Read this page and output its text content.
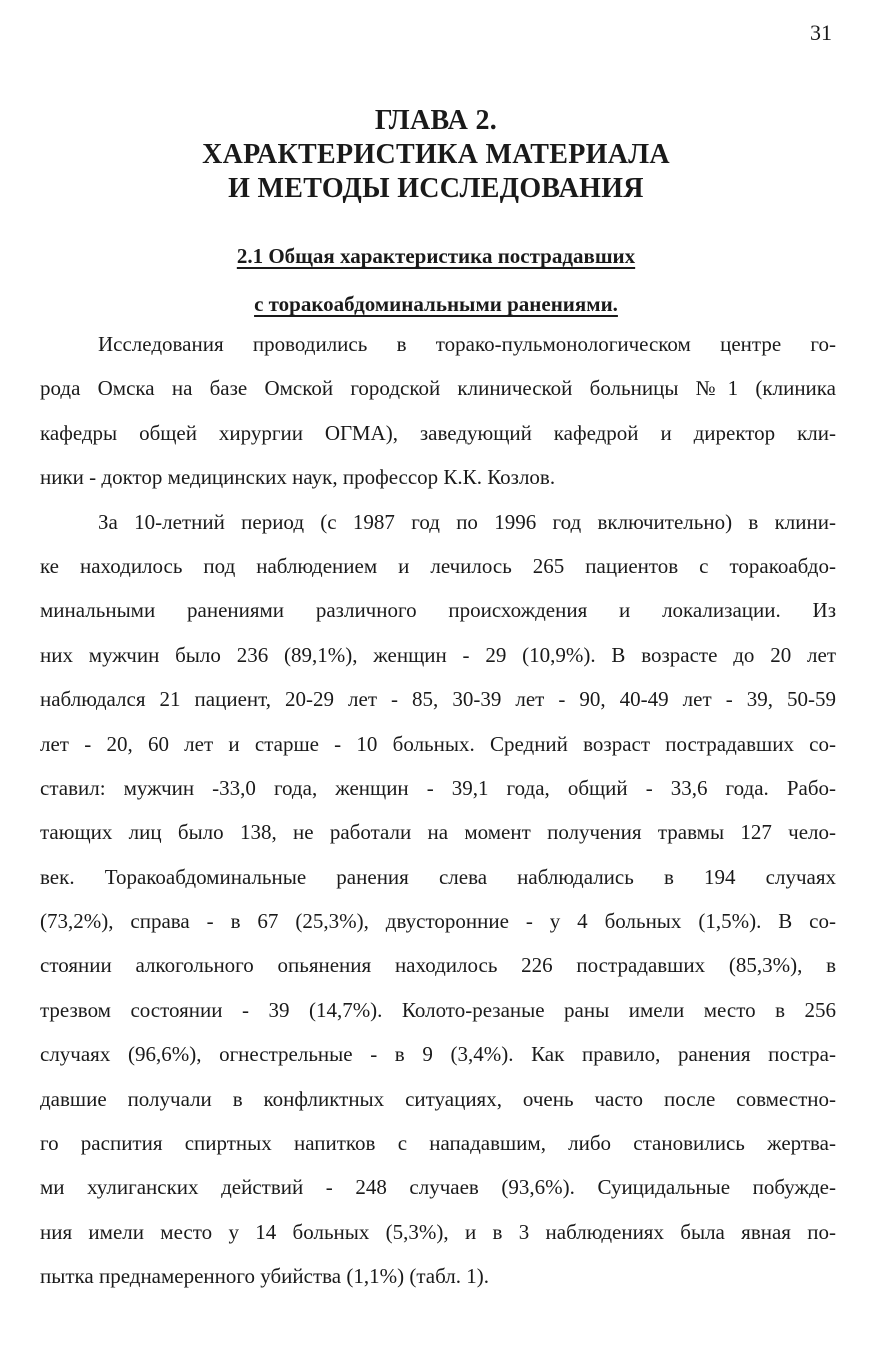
31
ГЛАВА 2.
ХАРАКТЕРИСТИКА МАТЕРИАЛА
И МЕТОДЫ ИССЛЕДОВАНИЯ
2.1 Общая характеристика пострадавших
с торакоабдоминальными ранениями.
Исследования проводились в торако-пульмонологическом центре го-
рода Омска на базе Омской городской клинической больницы №1 (клиника
кафедры общей хирургии ОГМА), заведующий кафедрой и директор кли-
ники - доктор медицинских наук, профессор К.К. Козлов.
За 10-летний период (с 1987 год по 1996 год включительно) в клини-
ке находилось под наблюдением и лечилось 265 пациентов с торакоабдо-
минальными ранениями различного происхождения и локализации. Из
них мужчин было 236 (89,1%), женщин - 29 (10,9%). В возрасте до 20 лет
наблюдался 21 пациент, 20-29 лет - 85, 30-39 лет - 90, 40-49 лет - 39, 50-59
лет - 20, 60 лет и старше - 10 больных. Средний возраст пострадавших со-
ставил: мужчин -33,0 года, женщин - 39,1 года, общий - 33,6 года. Рабо-
тающих лиц было 138, не работали на момент получения травмы 127 чело-
век. Торакоабдоминальные ранения слева наблюдались в 194 случаях
(73,2%), справа - в 67 (25,3%), двусторонние - у 4 больных (1,5%). В со-
стоянии алкогольного опьянения находилось 226 пострадавших (85,3%), в
трезвом состоянии - 39 (14,7%). Колото-резаные раны имели место в 256
случаях (96,6%), огнестрельные - в 9 (3,4%). Как правило, ранения постра-
давшие получали в конфликтных ситуациях, очень часто после совместно-
го распития спиртных напитков с нападавшим, либо становились жертва-
ми хулиганских действий - 248 случаев (93,6%). Суицидальные побужде-
ния имели место у 14 больных (5,3%), и в 3 наблюдениях была явная по-
пытка преднамеренного убийства (1,1%) (табл. 1).
